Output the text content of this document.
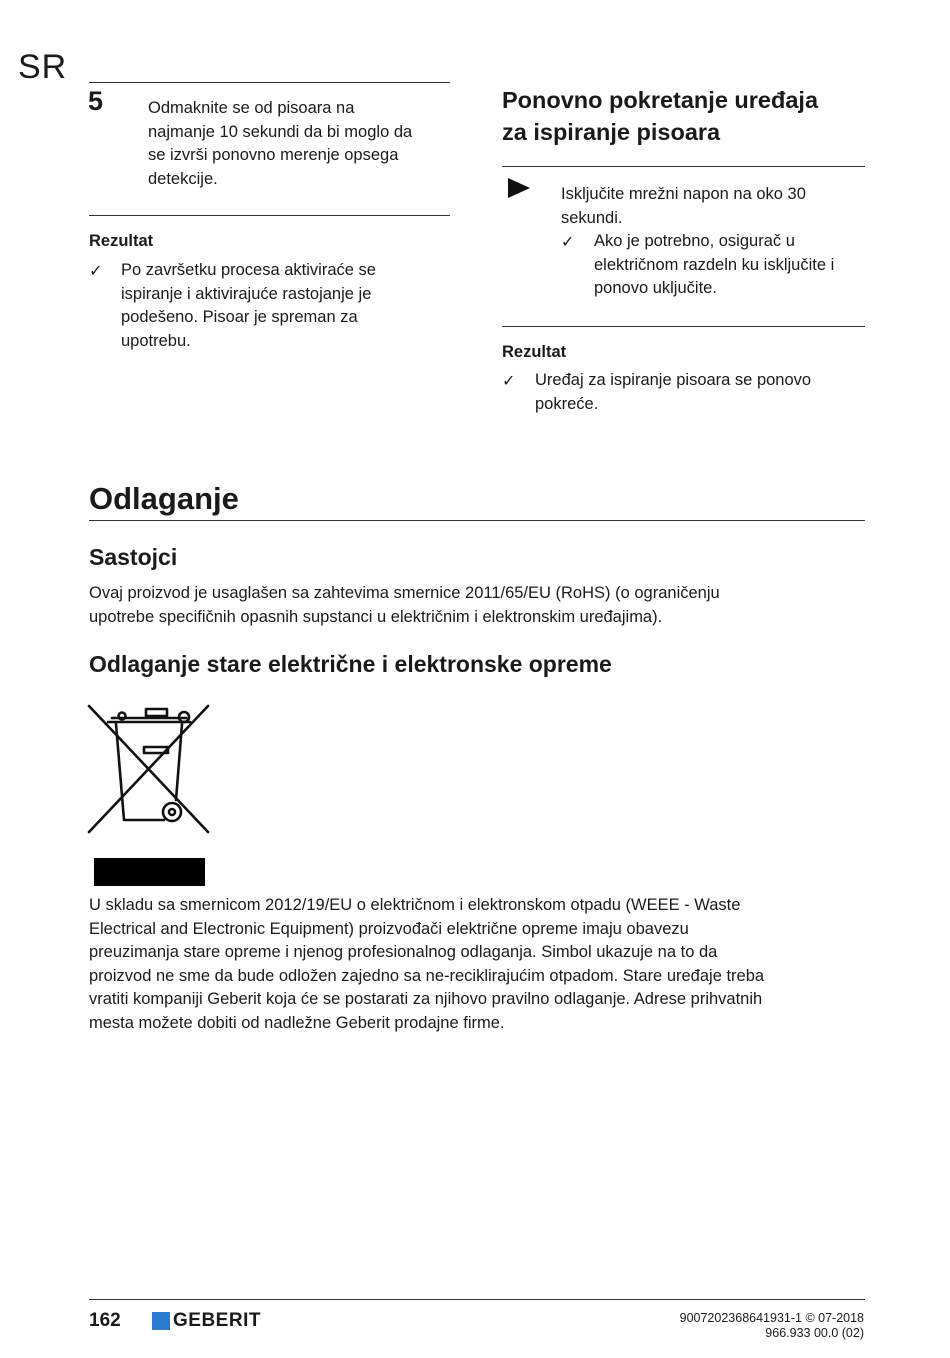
SR
5	Odmaknite se od pisoara na
najmanje 10 sekundi da bi moglo da
se izvrši ponovno merenje opsega
detekcije.
Rezultat
✓ Po završetku procesa aktiviraće se
ispiranje i aktivirajuće rastojanje je
podešeno. Pisoar je spreman za
upotrebu.
Ponovno pokretanje uređaja
za ispiranje pisoara
Isključite mrežni napon na oko 30
sekundi.
✓ Ako je potrebno, osigurač u
električnom razdeln ku isključite i
ponovo uključite.
Rezultat
✓ Uređaj za ispiranje pisoara se ponovo
pokreće.
Odlaganje
Sastojci
Ovaj proizvod je usaglašen sa zahtevima smernice 2011/65/EU (RoHS) (o ograničenju
upotrebe specifičnih opasnih supstanci u električnim i elektronskim uređajima).
Odlaganje stare električne i elektronske opreme
U skladu sa smernicom 2012/19/EU o električnom i elektronskom otpadu (WEEE - Waste
Electrical and Electronic Equipment) proizvođači električne opreme imaju obavezu
preuzimanja stare opreme i njenog profesionalnog odlaganja. Simbol ukazuje na to da
proizvod ne sme da bude odložen zajedno sa ne-reciklirajućim otpadom. Stare uređaje treba
vratiti kompaniji Geberit koja će se postarati za njihovo pravilno odlaganje. Adrese prihvatnih
mesta možete dobiti od nadležne Geberit prodajne firme.
162	GEBERIT	9007202368641931-1 © 07-2018
966.933 00.0 (02)
